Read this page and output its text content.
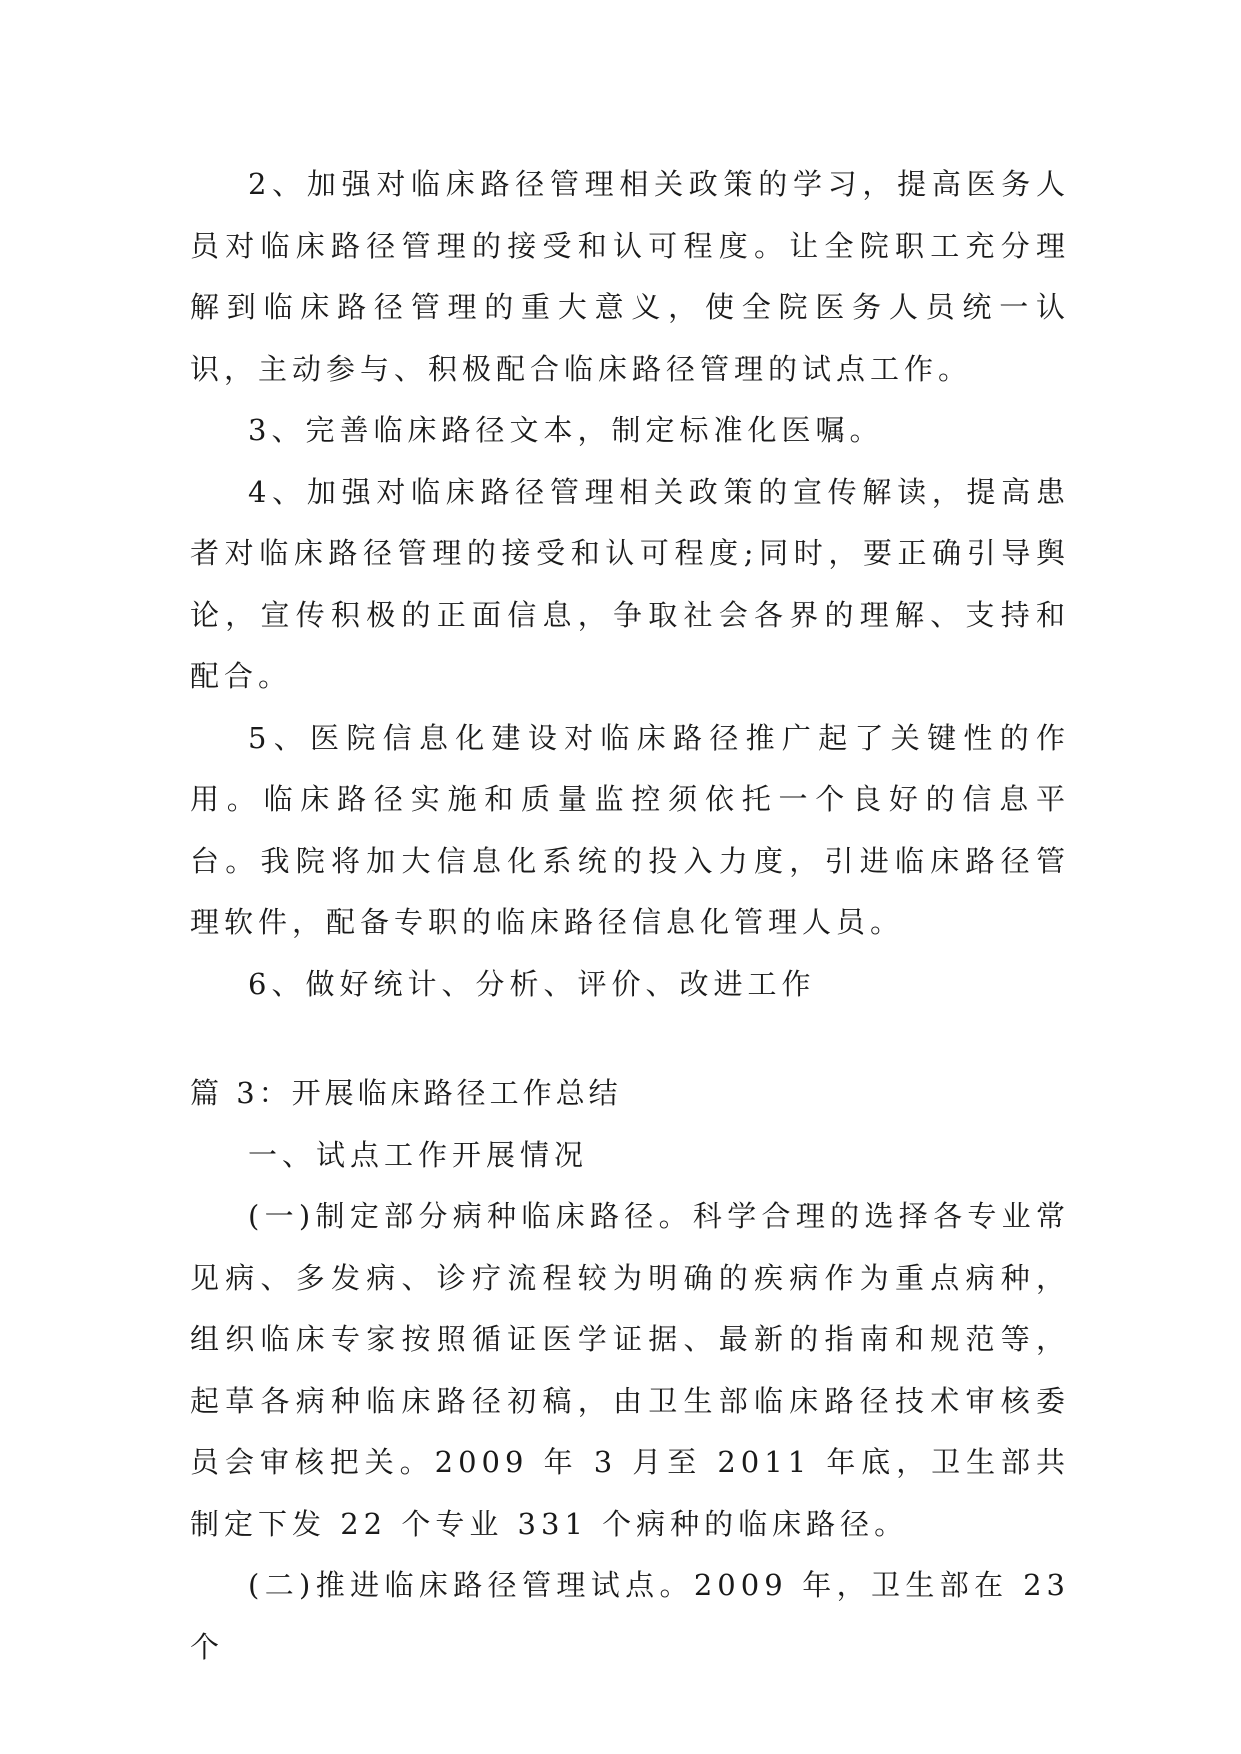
2、加强对临床路径管理相关政策的学习，提高医务人员对临床路径管理的接受和认可程度。让全院职工充分理解到临床路径管理的重大意义，使全院医务人员统一认识，主动参与、积极配合临床路径管理的试点工作。

3、完善临床路径文本，制定标准化医嘱。

4、加强对临床路径管理相关政策的宣传解读，提高患者对临床路径管理的接受和认可程度;同时，要正确引导舆论，宣传积极的正面信息，争取社会各界的理解、支持和配合。

5、医院信息化建设对临床路径推广起了关键性的作用。临床路径实施和质量监控须依托一个良好的信息平台。我院将加大信息化系统的投入力度，引进临床路径管理软件，配备专职的临床路径信息化管理人员。

6、做好统计、分析、评价、改进工作

篇 3：开展临床路径工作总结

一、试点工作开展情况

(一)制定部分病种临床路径。科学合理的选择各专业常见病、多发病、诊疗流程较为明确的疾病作为重点病种，组织临床专家按照循证医学证据、最新的指南和规范等，起草各病种临床路径初稿，由卫生部临床路径技术审核委员会审核把关。2009 年 3 月至 2011 年底，卫生部共制定下发 22 个专业 331 个病种的临床路径。

(二)推进临床路径管理试点。2009 年，卫生部在 23 个
